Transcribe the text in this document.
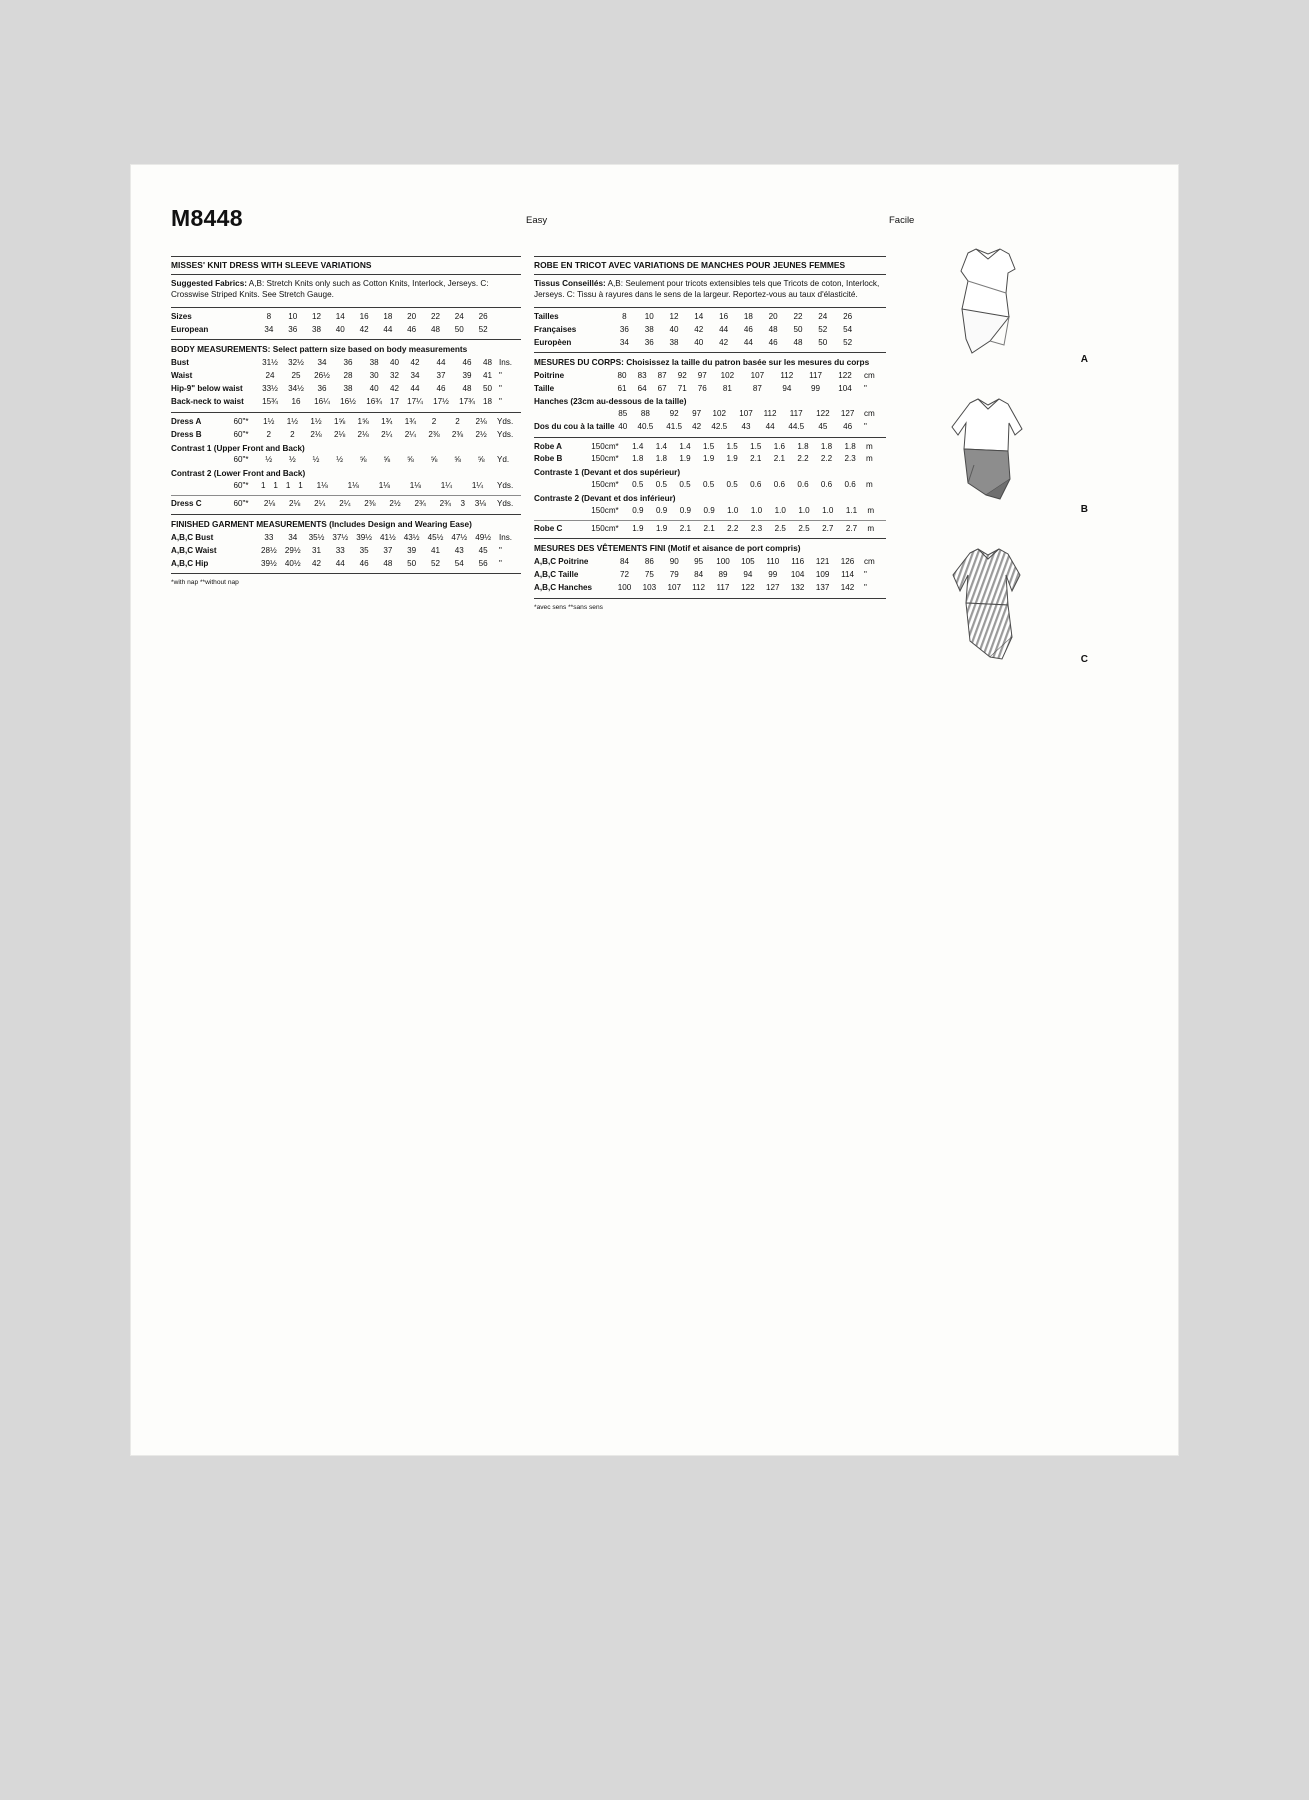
M8448	Easy	Facile
MISSES' KNIT DRESS WITH SLEEVE VARIATIONS
Suggested Fabrics: A,B: Stretch Knits only such as Cotton Knits, Interlock, Jerseys. C: Crosswise Striped Knits. See Stretch Gauge.
Sizes	8	10	12	14	16	18	20	22	24	26	
European	34	36	38	40	42	44	46	48	50	52	
BODY MEASUREMENTS: Select pattern size based on body measurements
Bust	31½	32½	34	36	38	40	42	44	46	48	Ins.
Waist	24	25	26½	28	30	32	34	37	39	41	"
Hip-9" below waist	33½	34½	36	38	40	42	44	46	48	50	"
Back-neck to waist	15¾	16	16¼	16½	16¾	17	17¼	17½	17¾	18	"
Dress A	60"*	1½	1½	1½	1⅝	1⅝	1¾	1¾	2	2	2⅛	Yds.
Dress B	60"*	2	2	2⅛	2⅛	2⅛	2¼	2¼	2⅜	2⅜	2½	Yds.
Contrast 1 (Upper Front and Back)
	60"*	½	½	½	½	⅝	⅝	⅝	⅝	⅝	⅝	Yd.
Contrast 2 (Lower Front and Back)
	60"*	1	1	1	1	1⅛	1⅛	1⅛	1⅛	1¼	1¼	Yds.
Dress C	60"*	2⅛	2⅛	2¼	2¼	2⅜	2½	2¾	2¾	3	3⅛	Yds.
FINISHED GARMENT MEASUREMENTS (Includes Design and Wearing Ease)
A,B,C Bust	33	34	35½	37½	39½	41½	43½	45½	47½	49½	Ins.
A,B,C Waist	28½	29½	31	33	35	37	39	41	43	45	"
A,B,C Hip	39½	40½	42	44	46	48	50	52	54	56	"
*with nap **without nap
ROBE EN TRICOT AVEC VARIATIONS DE MANCHES POUR JEUNES FEMMES
Tissus Conseillés: A,B: Seulement pour tricots extensibles tels que Tricots de coton, Interlock, Jerseys. C: Tissu à rayures dans le sens de la largeur. Reportez-vous au taux d'élasticité.
Tailles	8	10	12	14	16	18	20	22	24	26	
Françaises	36	38	40	42	44	46	48	50	52	54	
Europèen	34	36	38	40	42	44	46	48	50	52	
MESURES DU CORPS: Choisissez la taille du patron basée sur les mesures du corps
Poitrine	80	83	87	92	97	102	107	112	117	122	cm
Taille	61	64	67	71	76	81	87	94	99	104	"
Hanches (23cm au-dessous de la taille)
	85	88	92	97	102	107	112	117	122	127	cm
Dos du cou à la taille	40	40.5	41.5	42	42.5	43	44	44.5	45	46	"
Robe A	150cm*	1.4	1.4	1.4	1.5	1.5	1.5	1.6	1.8	1.8	1.8	m
Robe B	150cm*	1.8	1.8	1.9	1.9	1.9	2.1	2.1	2.2	2.2	2.3	m
Contraste 1 (Devant et dos supérieur)
	150cm*	0.5	0.5	0.5	0.5	0.5	0.6	0.6	0.6	0.6	0.6	m
Contraste 2 (Devant et dos inférieur)
	150cm*	0.9	0.9	0.9	0.9	1.0	1.0	1.0	1.0	1.0	1.1	m
Robe C	150cm*	1.9	1.9	2.1	2.1	2.2	2.3	2.5	2.5	2.7	2.7	m
MESURES DES VÊTEMENTS FINI (Motif et aisance de port compris)
A,B,C Poitrine	84	86	90	95	100	105	110	116	121	126	cm
A,B,C Taille	72	75	79	84	89	94	99	104	109	114	"
A,B,C Hanches	100	103	107	112	117	122	127	132	137	142	"
*avec sens **sans sens
A
B
C
